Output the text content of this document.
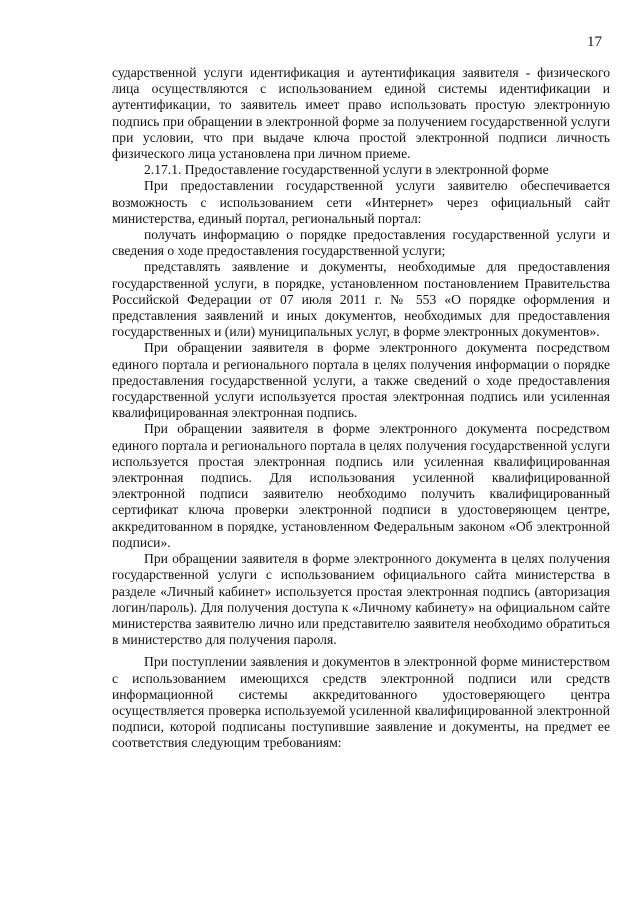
17

сударственной услуги идентификация и аутентификация заявителя - физического лица осуществляются с использованием единой системы идентификации и аутентификации, то заявитель имеет право использовать простую электронную подпись при обращении в электронной форме за получением государственной услуги при условии, что при выдаче ключа простой электронной подписи личность физического лица установлена при личном приеме.

2.17.1. Предоставление государственной услуги в электронной форме

При предоставлении государственной услуги заявителю обеспечивается возможность с использованием сети «Интернет» через официальный сайт министерства, единый портал, региональный портал:

получать информацию о порядке предоставления государственной услуги и сведения о ходе предоставления государственной услуги;

представлять заявление и документы, необходимые для предоставления государственной услуги, в порядке, установленном постановлением Правительства Российской Федерации от 07 июля 2011 г. № 553 «О порядке оформления и представления заявлений и иных документов, необходимых для предоставления государственных и (или) муниципальных услуг, в форме электронных документов».

При обращении заявителя в форме электронного документа посредством единого портала и регионального портала в целях получения информации о порядке предоставления государственной услуги, а также сведений о ходе предоставления государственной услуги используется простая электронная подпись или усиленная квалифицированная электронная подпись.

При обращении заявителя в форме электронного документа посредством единого портала и регионального портала в целях получения государственной услуги используется простая электронная подпись или усиленная квалифицированная электронная подпись. Для использования усиленной квалифицированной электронной подписи заявителю необходимо получить квалифицированный сертификат ключа проверки электронной подписи в удостоверяющем центре, аккредитованном в порядке, установленном Федеральным законом «Об электронной подписи».

При обращении заявителя в форме электронного документа в целях получения государственной услуги с использованием официального сайта министерства в разделе «Личный кабинет» используется простая электронная подпись (авторизация логин/пароль). Для получения доступа к «Личному кабинету» на официальном сайте министерства заявителю лично или представителю заявителя необходимо обратиться в министерство для получения пароля.

При поступлении заявления и документов в электронной форме министерством с использованием имеющихся средств электронной подписи или средств информационной системы аккредитованного удостоверяющего центра осуществляется проверка используемой усиленной квалифицированной электронной подписи, которой подписаны поступившие заявление и документы, на предмет ее соответствия следующим требованиям:
